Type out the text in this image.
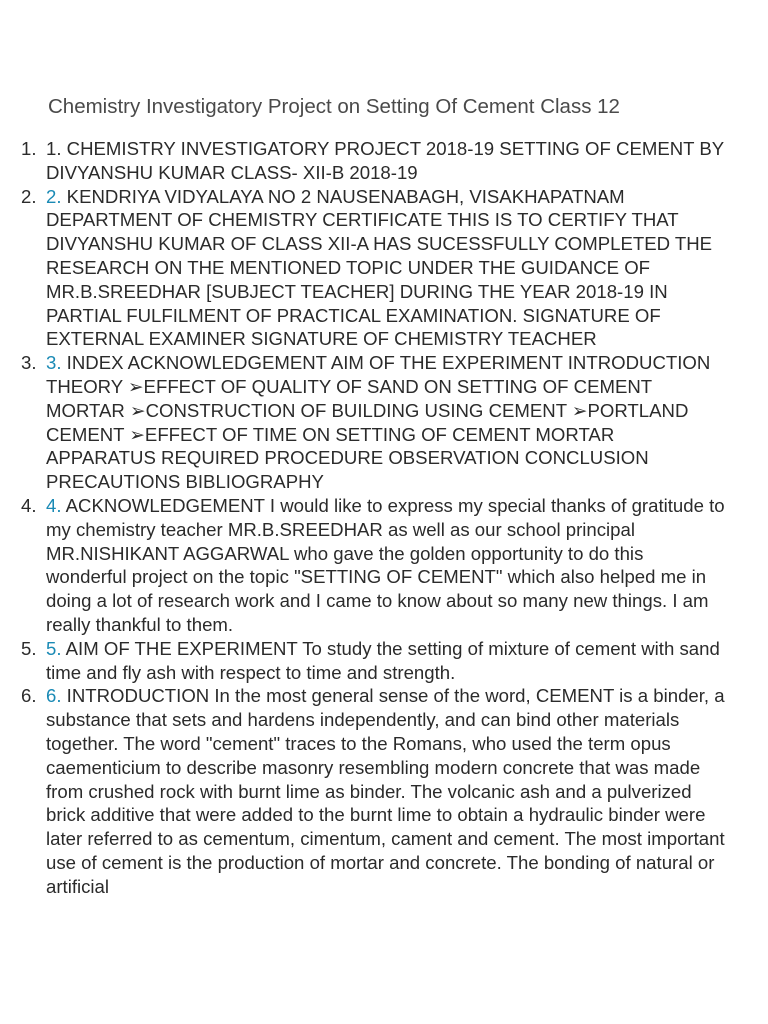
Chemistry Investigatory Project on Setting Of Cement Class 12
1. 1. CHEMISTRY INVESTIGATORY PROJECT 2018-19 SETTING OF CEMENT BY DIVYANSHU KUMAR CLASS- XII-B 2018-19
2. 2. KENDRIYA VIDYALAYA NO 2 NAUSENABAGH, VISAKHAPATNAM DEPARTMENT OF CHEMISTRY CERTIFICATE THIS IS TO CERTIFY THAT DIVYANSHU KUMAR OF CLASS XII-A HAS SUCESSFULLY COMPLETED THE RESEARCH ON THE MENTIONED TOPIC UNDER THE GUIDANCE OF MR.B.SREEDHAR [SUBJECT TEACHER] DURING THE YEAR 2018-19 IN PARTIAL FULFILMENT OF PRACTICAL EXAMINATION. SIGNATURE OF EXTERNAL EXAMINER SIGNATURE OF CHEMISTRY TEACHER
3. 3. INDEX ACKNOWLEDGEMENT AIM OF THE EXPERIMENT INTRODUCTION THEORY ➢EFFECT OF QUALITY OF SAND ON SETTING OF CEMENT MORTAR ➢CONSTRUCTION OF BUILDING USING CEMENT ➢PORTLAND CEMENT ➢EFFECT OF TIME ON SETTING OF CEMENT MORTAR APPARATUS REQUIRED PROCEDURE OBSERVATION CONCLUSION PRECAUTIONS BIBLIOGRAPHY
4. 4. ACKNOWLEDGEMENT I would like to express my special thanks of gratitude to my chemistry teacher MR.B.SREEDHAR as well as our school principal MR.NISHIKANT AGGARWAL who gave the golden opportunity to do this wonderful project on the topic "SETTING OF CEMENT" which also helped me in doing a lot of research work and I came to know about so many new things. I am really thankful to them.
5. 5. AIM OF THE EXPERIMENT To study the setting of mixture of cement with sand time and fly ash with respect to time and strength.
6. 6. INTRODUCTION In the most general sense of the word, CEMENT is a binder, a substance that sets and hardens independently, and can bind other materials together. The word "cement" traces to the Romans, who used the term opus caementicium to describe masonry resembling modern concrete that was made from crushed rock with burnt lime as binder. The volcanic ash and a pulverized brick additive that were added to the burnt lime to obtain a hydraulic binder were later referred to as cementum, cimentum, cament and cement. The most important use of cement is the production of mortar and concrete. The bonding of natural or artificial
